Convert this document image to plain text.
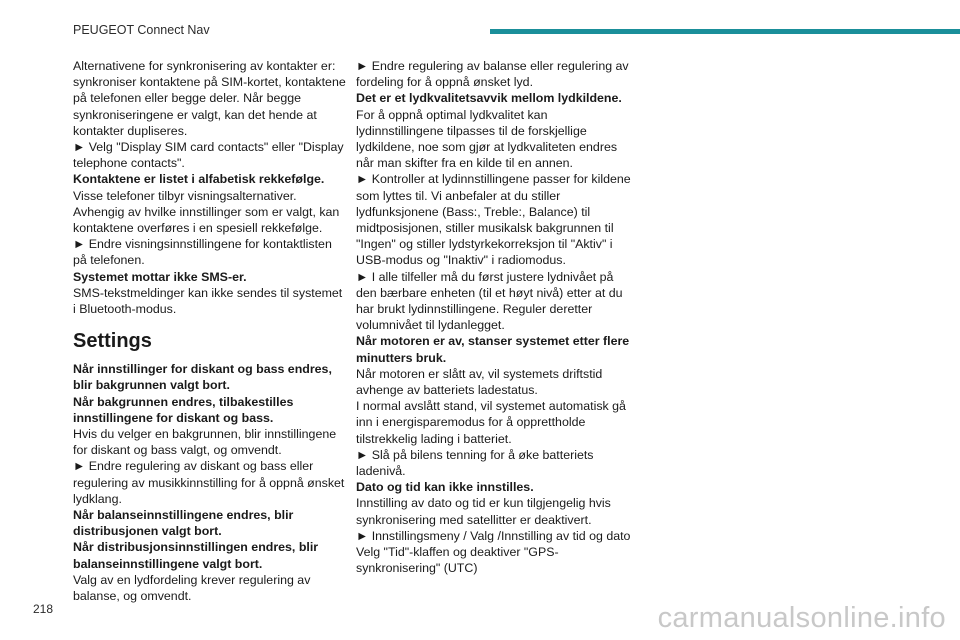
PEUGEOT Connect Nav

Alternativene for synkronisering av kontakter er: synkroniser kontaktene på SIM-kortet, kontaktene på telefonen eller begge deler. Når begge synkroniseringene er valgt, kan det hende at kontakter dupliseres.

► Velg "Display SIM card contacts" eller "Display telephone contacts".

Kontaktene er listet i alfabetisk rekkefølge.

Visse telefoner tilbyr visningsalternativer. Avhengig av hvilke innstillinger som er valgt, kan kontaktene overføres i en spesiell rekkefølge.

► Endre visningsinnstillingene for kontaktlisten på telefonen.

Systemet mottar ikke SMS-er.

SMS-tekstmeldinger kan ikke sendes til systemet i Bluetooth-modus.

Settings

Når innstillinger for diskant og bass endres, blir bakgrunnen valgt bort.

Når bakgrunnen endres, tilbakestilles innstillingene for diskant og bass.

Hvis du velger en bakgrunnen, blir innstillingene for diskant og bass valgt, og omvendt.

► Endre regulering av diskant og bass eller regulering av musikkinnstilling for å oppnå ønsket lydklang.

Når balanseinnstillingene endres, blir distribusjonen valgt bort.

Når distribusjonsinnstillingen endres, blir balanseinnstillingene valgt bort.

Valg av en lydfordeling krever regulering av balanse, og omvendt.

► Endre regulering av balanse eller regulering av fordeling for å oppnå ønsket lyd.

Det er et lydkvalitetsavvik mellom lydkildene.

For å oppnå optimal lydkvalitet kan lydinnstillingene tilpasses til de forskjellige lydkildene, noe som gjør at lydkvaliteten endres når man skifter fra en kilde til en annen.

► Kontroller at lydinnstillingene passer for kildene som lyttes til. Vi anbefaler at du stiller lydfunksjonene (Bass:, Treble:, Balance) til midtposisjonen, stiller musikalsk bakgrunnen til "Ingen" og stiller lydstyrkekorreksjon til "Aktiv" i USB-modus og "Inaktiv" i radiomodus.

► I alle tilfeller må du først justere lydnivået på den bærbare enheten (til et høyt nivå) etter at du har brukt lydinnstillingene. Reguler deretter volumnivået til lydanlegget.

Når motoren er av, stanser systemet etter flere minutters bruk.

Når motoren er slått av, vil systemets driftstid avhenge av batteriets ladestatus.

I normal avslått stand, vil systemet automatisk gå inn i energisparemodus for å opprettholde tilstrekkelig lading i batteriet.

► Slå på bilens tenning for å øke batteriets ladenivå.

Dato og tid kan ikke innstilles.

Innstilling av dato og tid er kun tilgjengelig hvis synkronisering med satellitter er deaktivert.

► Innstillingsmeny / Valg /Innstilling av tid og dato Velg "Tid"-klaffen og deaktiver "GPS-synkronisering" (UTC)

218	carmanualsonline.info
